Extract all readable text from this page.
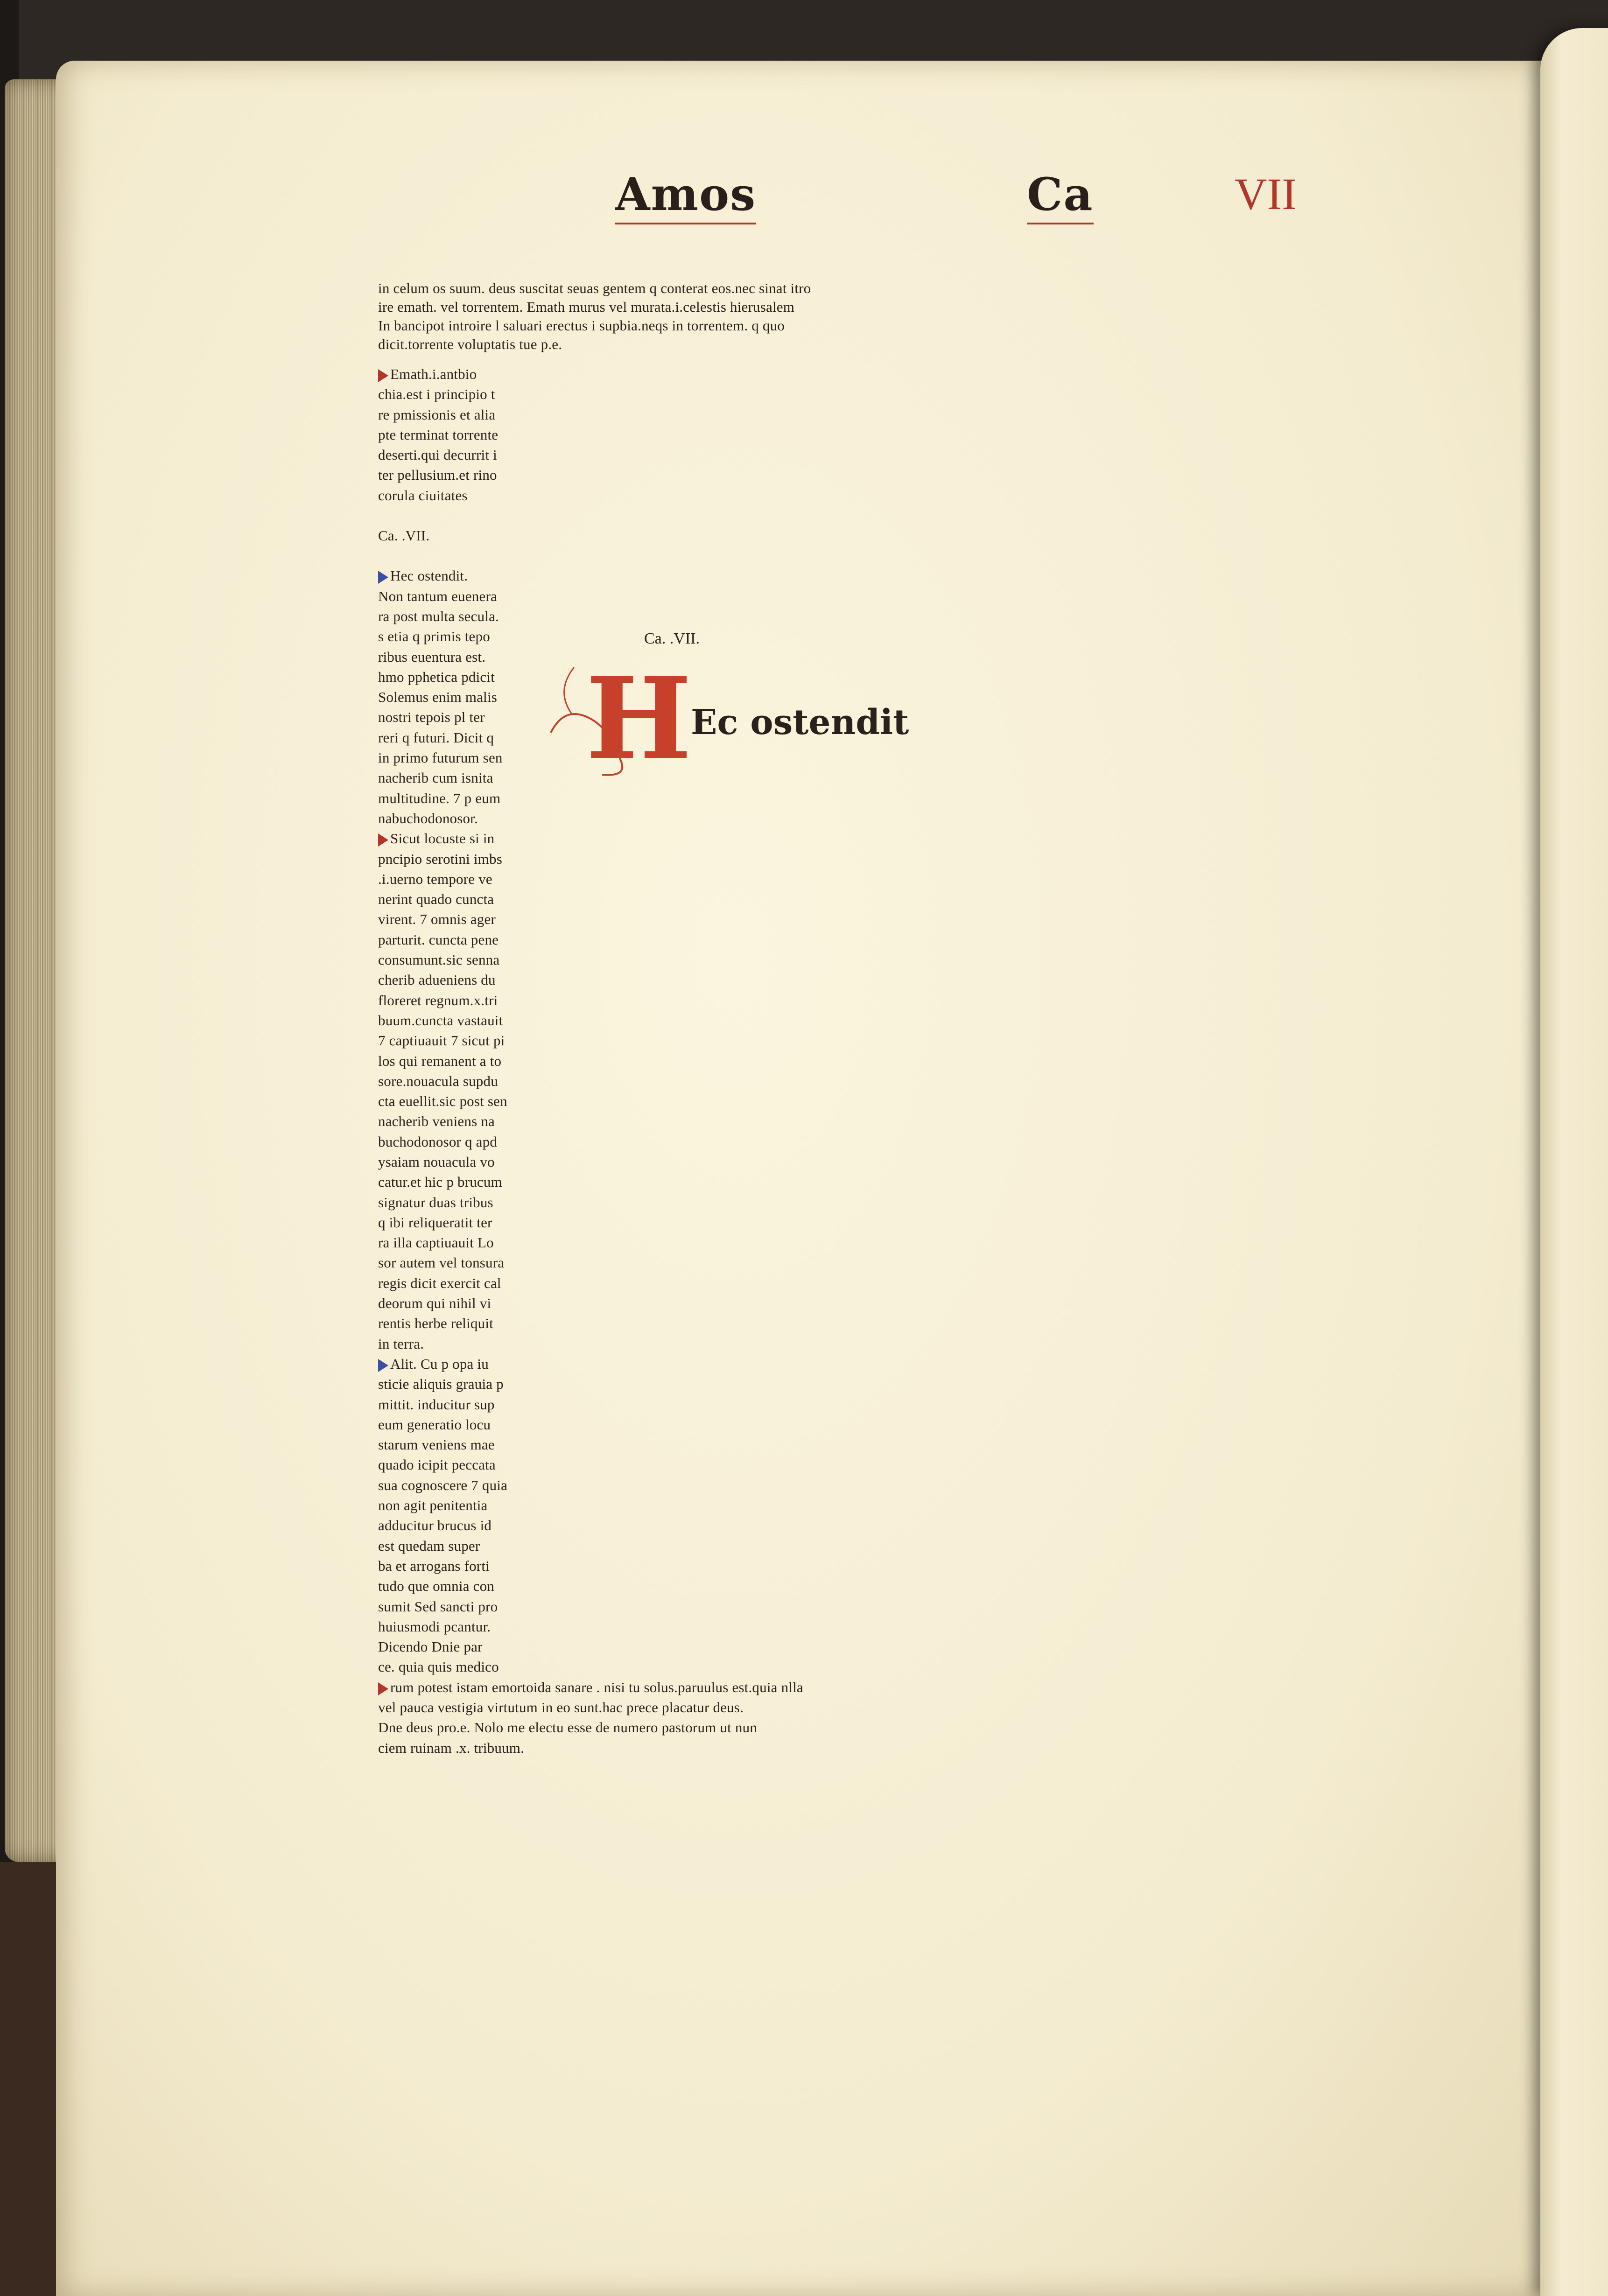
Amos	Ca	VII

in celum os suum. deus suscitat seuas gentem q conterat eos.nec sinat itro

ire emath. vel torrentem. Emath murus vel murata.i.celestis hierusalem

In bancipot introire l saluari erectus i supbia.neqs in torrentem. q quo

dicit.torrente voluptatis tue p.e.

Emath.i.antbio

chia.est i principio t

re pmissionis et alia

pte terminat torrente

deserti.qui decurrit i

ter pellusium.et rino

corula ciuitates

Ca. .VII.

Hec ostendit.

Non tantum euenera

ra post multa secula.

s etia q primis tepo

ribus euentura est.

hmo pphetica pdicit

Solemus enim malis

nostri tepois pl ter

reri q futuri. Dicit q

in primo futurum sen

nacherib cum isnita

multitudine. 7 p eum

nabuchodonosor.

Sicut locuste si in

pncipio serotini imbs

.i.uerno tempore ve

nerint quado cuncta

virent. 7 omnis ager

parturit. cuncta pene

consumunt.sic senna

cherib adueniens du

floreret regnum.x.tri

buum.cuncta vastauit

7 captiuauit 7 sicut pi

los qui remanent a to

sore.nouacula supdu

cta euellit.sic post sen

nacherib veniens na

buchodonosor q apd

ysaiam nouacula vo

catur.et hic p brucum

signatur duas tribus

q ibi reliqueratit ter

ra illa captiuauit Lo

sor autem vel tonsura

regis dicit exercit cal

deorum qui nihil vi

rentis herbe reliquit

in terra.

Alit. Cu p opa iu

sticie aliquis grauia p

mittit. inducitur sup

eum generatio locu

starum veniens mae

quado icipit peccata

sua cognoscere 7 quia

non agit penitentia

adducitur brucus id

est quedam super

ba et arrogans forti

tudo que omnia con

sumit Sed sancti pro

huiusmodi pcantur.

Dicendo Dnie par

ce. quia quis medico

rum potest istam emortoida sanare . nisi tu solus.paruulus est.quia nlla

vel pauca vestigia virtutum in eo sunt.hac prece placatur deus.

Dne deus pro.e. Nolo me electu esse de numero pastorum ut nun

ciem ruinam .x. tribuum.

Ca. .VII.
H
Ec ostendit
